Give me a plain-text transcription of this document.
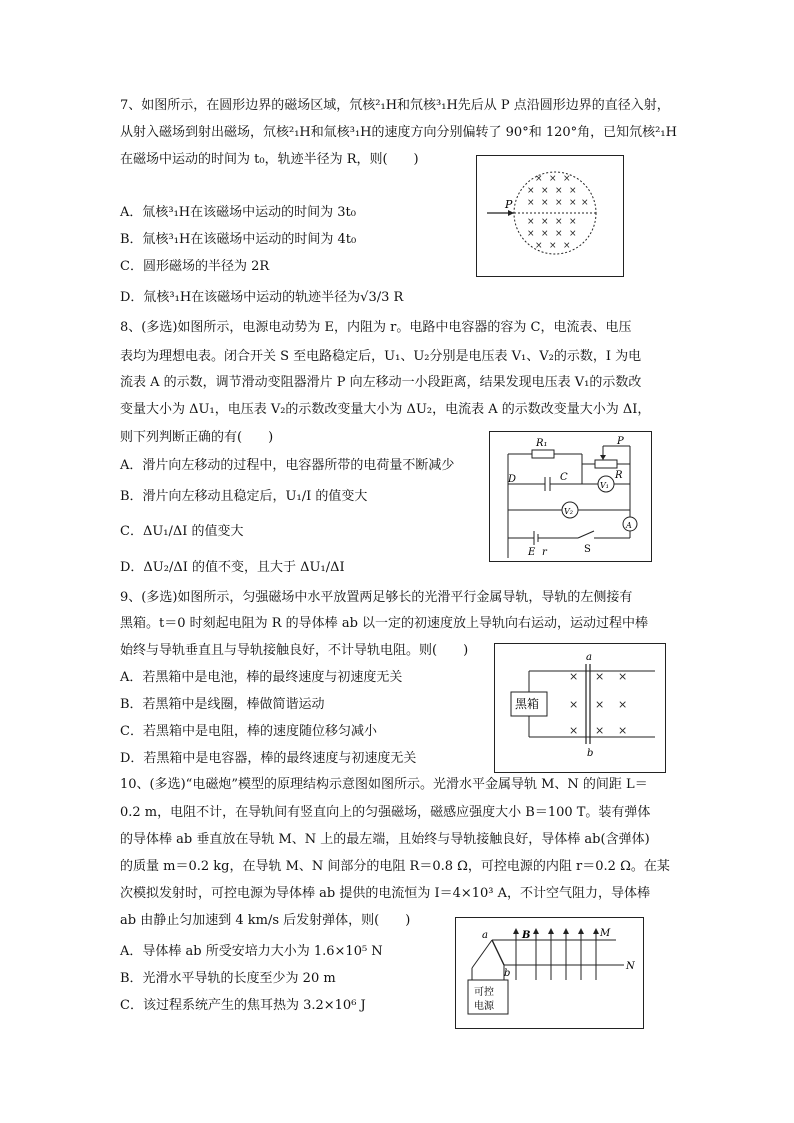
7、如图所示，在圆形边界的磁场区域，氘核²₁H和氘核³₁H先后从 P 点沿圆形边界的直径入射，
从射入磁场到射出磁场，氘核²₁H和氚核³₁H的速度方向分别偏转了 90°和 120°角，已知氘核²₁H
在磁场中运动的时间为 t₀，轨迹半径为 R，则(　　)
P
× × ×
× × × ×
× × × × ×
× × × ×
× × × ×
× × ×
A．氚核³₁H在该磁场中运动的时间为 3t₀
B．氚核³₁H在该磁场中运动的时间为 4t₀
C．圆形磁场的半径为 2R
D．氚核³₁H在该磁场中运动的轨迹半径为√3/3 R
8、(多选)如图所示，电源电动势为 E，内阻为 r。电路中电容器的容为 C，电流表、电压
表均为理想电表。闭合开关 S 至电路稳定后，U₁、U₂分别是电压表 V₁、V₂的示数，I 为电
流表 A 的示数，调节滑动变阻器滑片 P 向左移动一小段距离，结果发现电压表 V₁的示数改
变量大小为 ΔU₁，电压表 V₂的示数改变量大小为 ΔU₂，电流表 A 的示数改变量大小为 ΔI，
则下列判断正确的有(　　)	R₁	P
R
D	C
V₁
V₂
A
E r	S
A．滑片向左移动的过程中，电容器所带的电荷量不断减少
B．滑片向左移动且稳定后，U₁/I 的值变大
C．ΔU₁/ΔI 的值变大
D．ΔU₂/ΔI 的值不变，且大于 ΔU₁/ΔI
9、(多选)如图所示，匀强磁场中水平放置两足够长的光滑平行金属导轨，导轨的左侧接有
黑箱。t＝0 时刻起电阻为 R 的导体棒 ab 以一定的初速度放上导轨向右运动，运动过程中棒
始终与导轨垂直且与导轨接触良好，不计导轨电阻。则(　　)
黑箱
a
b
× × ×
× × ×
× × ×
A．若黑箱中是电池，棒的最终速度与初速度无关
B．若黑箱中是线圈，棒做简谐运动
C．若黑箱中是电阻，棒的速度随位移匀减小
D．若黑箱中是电容器，棒的最终速度与初速度无关
10、(多选)“电磁炮”模型的原理结构示意图如图所示。光滑水平金属导轨 M、N 的间距 L＝
0.2 m，电阻不计，在导轨间有竖直向上的匀强磁场，磁感应强度大小 B＝100 T。装有弹体
的导体棒 ab 垂直放在导轨 M、N 上的最左端，且始终与导轨接触良好，导体棒 ab(含弹体)
的质量 m＝0.2 kg，在导轨 M、N 间部分的电阻 R＝0.8 Ω，可控电源的内阻 r＝0.2 Ω。在某
次模拟发射时，可控电源为导体棒 ab 提供的电流恒为 I＝4×10³ A，不计空气阻力，导体棒
ab 由静止匀加速到 4 km/s 后发射弹体，则(　　)
a	M
N
b
B
可控
电源
A．导体棒 ab 所受安培力大小为 1.6×10⁵ N
B．光滑水平导轨的长度至少为 20 m
C．该过程系统产生的焦耳热为 3.2×10⁶ J
